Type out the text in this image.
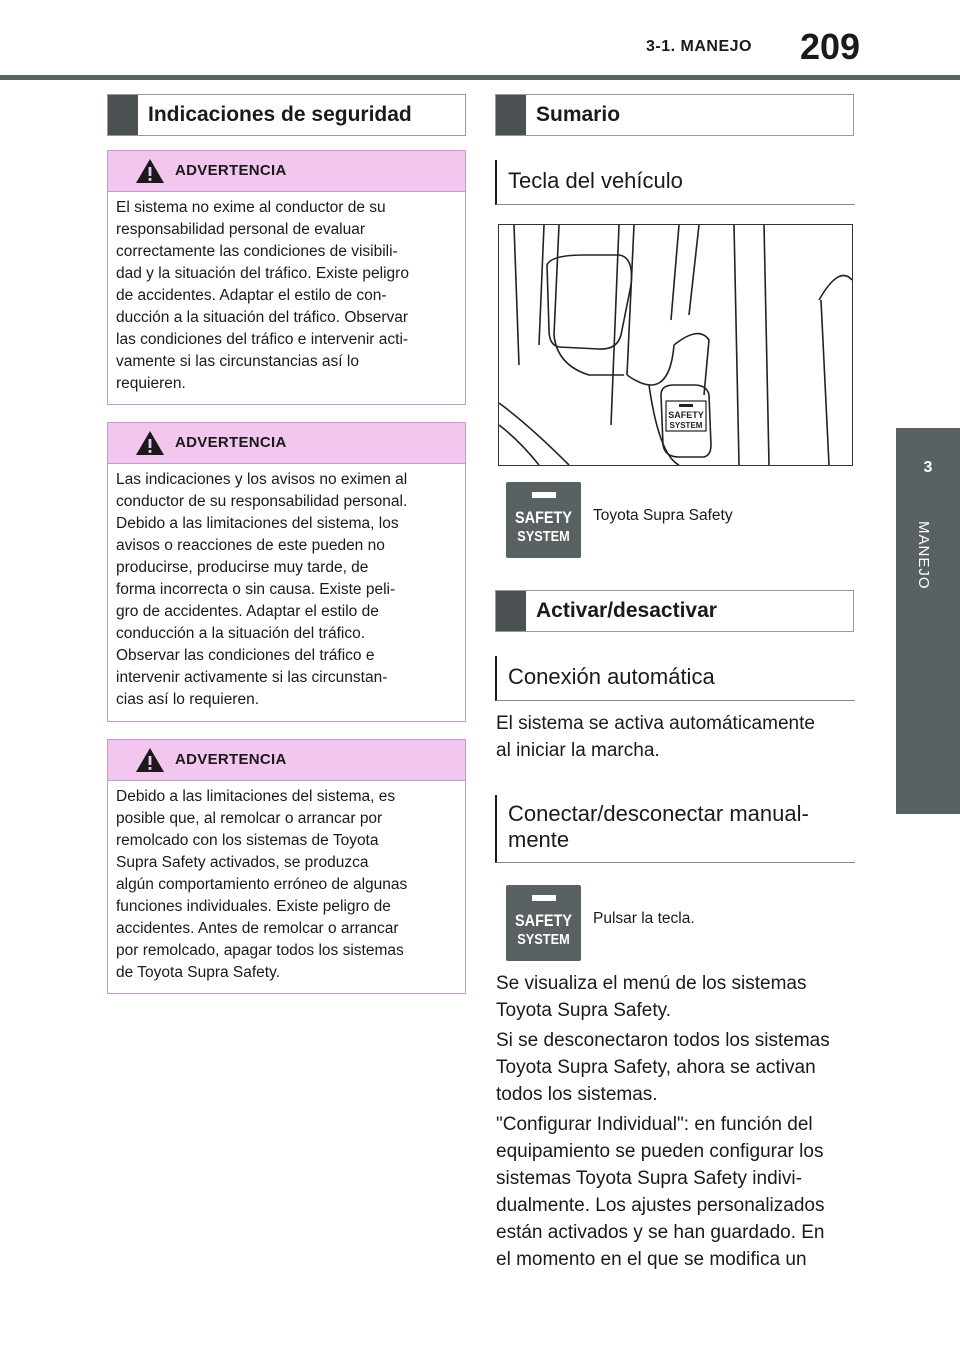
3-1. MANEJO 209
3
MANEJO
Indicaciones de seguridad
ADVERTENCIA
El sistema no exime al conductor de su
responsabilidad personal de evaluar
correctamente las condiciones de visibili-
dad y la situación del tráfico. Existe peligro
de accidentes. Adaptar el estilo de con-
ducción a la situación del tráfico. Observar
las condiciones del tráfico e intervenir acti-
vamente si las circunstancias así lo
requieren.
ADVERTENCIA
Las indicaciones y los avisos no eximen al
conductor de su responsabilidad personal.
Debido a las limitaciones del sistema, los
avisos o reacciones de este pueden no
producirse, producirse muy tarde, de
forma incorrecta o sin causa. Existe peli-
gro de accidentes. Adaptar el estilo de
conducción a la situación del tráfico.
Observar las condiciones del tráfico e
intervenir activamente si las circunstan-
cias así lo requieren.
ADVERTENCIA
Debido a las limitaciones del sistema, es
posible que, al remolcar o arrancar por
remolcado con los sistemas de Toyota
Supra Safety activados, se produzca
algún comportamiento erróneo de algunas
funciones individuales. Existe peligro de
accidentes. Antes de remolcar o arrancar
por remolcado, apagar todos los sistemas
de Toyota Supra Safety.
Sumario
Tecla del vehículo
SAFETY
SYSTEM
SAFETY
SYSTEM
Toyota Supra Safety
Activar/desactivar
Conexión automática
El sistema se activa automáticamente
al iniciar la marcha.
Conectar/desconectar manual-
mente
SAFETY
SYSTEM
Pulsar la tecla.
Se visualiza el menú de los sistemas
Toyota Supra Safety.
Si se desconectaron todos los sistemas
Toyota Supra Safety, ahora se activan
todos los sistemas.
"Configurar Individual": en función del
equipamiento se pueden configurar los
sistemas Toyota Supra Safety indivi-
dualmente. Los ajustes personalizados
están activados y se han guardado. En
el momento en el que se modifica un
